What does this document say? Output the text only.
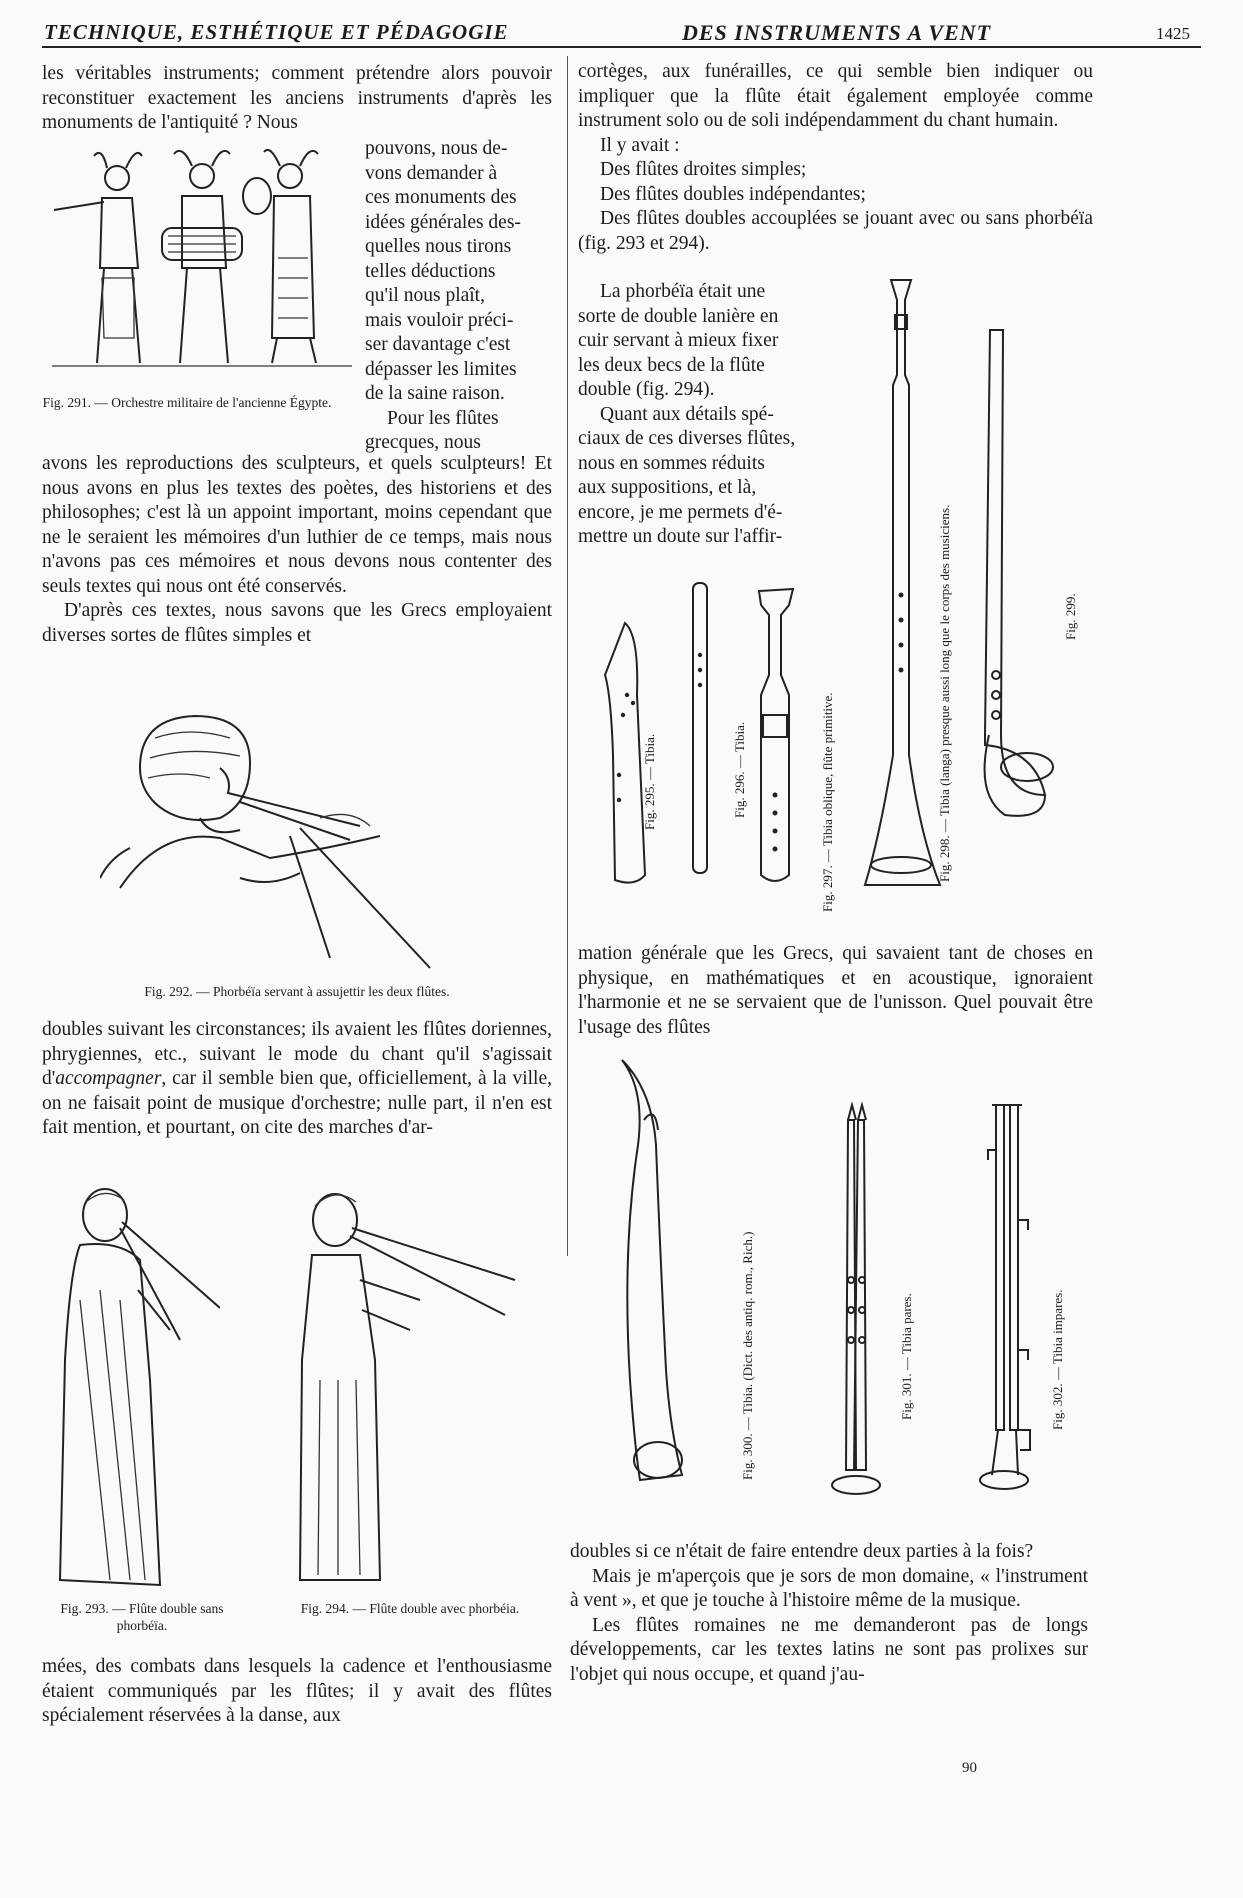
TECHNIQUE, ESTHÉTIQUE ET PÉDAGOGIE	DES INSTRUMENTS A VENT	1425

les véritables instruments; comment prétendre alors pouvoir reconstituer exactement les anciens instruments d'après les monuments de l'antiquité ? Nous

Fig. 291. — Orchestre militaire de l'ancienne Égypte.

pouvons, nous de-

vons demander à

ces monuments des

idées générales des-

quelles nous tirons

telles déductions

qu'il nous plaît,

mais vouloir préci-

ser davantage c'est

dépasser les limites

de la saine raison.

Pour les flûtes

grecques, nous

avons les reproductions des sculpteurs, et quels sculpteurs! Et nous avons en plus les textes des poètes, des historiens et des philosophes; c'est là un appoint important, moins cependant que ne le seraient les mémoires d'un luthier de ce temps, mais nous n'avons pas ces mémoires et nous devons nous contenter des seuls textes qui nous ont été conservés.

D'après ces textes, nous savons que les Grecs employaient diverses sortes de flûtes simples et

Fig. 292. — Phorbéïa servant à assujettir les deux flûtes.

doubles suivant les circonstances; ils avaient les flûtes doriennes, phrygiennes, etc., suivant le mode du chant qu'il s'agissait d'accompagner, car il semble bien que, officiellement, à la ville, on ne faisait point de musique d'orchestre; nulle part, il n'en est fait mention, et pourtant, on cite des marches d'ar-

Fig. 293. — Flûte double sans phorbéïa.
Fig. 294. — Flûte double avec phorbéia.

mées, des combats dans lesquels la cadence et l'enthousiasme étaient communiqués par les flûtes; il y avait des flûtes spécialement réservées à la danse, aux

cortèges, aux funérailles, ce qui semble bien indiquer ou impliquer que la flûte était également employée comme instrument solo ou de soli indépendamment du chant humain.

Il y avait :

Des flûtes droites simples;

Des flûtes doubles indépendantes;

Des flûtes doubles accouplées se jouant avec ou sans phorbéïa (fig. 293 et 294).

La phorbéïa était une

sorte de double lanière en

cuir servant à mieux fixer

les deux becs de la flûte

double (fig. 294).

Quant aux détails spé-

ciaux de ces diverses flûtes,

nous en sommes réduits

aux suppositions, et là,

encore, je me permets d'é-

mettre un doute sur l'affir-

Fig. 295. — Tibia.	Fig. 296. — Tibia.	Fig. 297. — Tibia oblique, flûte primitive.	Fig. 298. — Tibia (langa) presque aussi long que le corps des musiciens.	Fig. 299.

mation générale que les Grecs, qui savaient tant de choses en physique, en mathématiques et en acoustique, ignoraient l'harmonie et ne se servaient que de l'unisson. Quel pouvait être l'usage des flûtes

Fig. 300. — Tibia. (Dict. des antiq. rom., Rich.)	Fig. 301. — Tibia pares.	Fig. 302. — Tibia impares.

doubles si ce n'était de faire entendre deux parties à la fois?

Mais je m'aperçois que je sors de mon domaine, « l'instrument à vent », et que je touche à l'histoire même de la musique.

Les flûtes romaines ne me demanderont pas de longs développements, car les textes latins ne sont pas prolixes sur l'objet qui nous occupe, et quand j'au-

90
